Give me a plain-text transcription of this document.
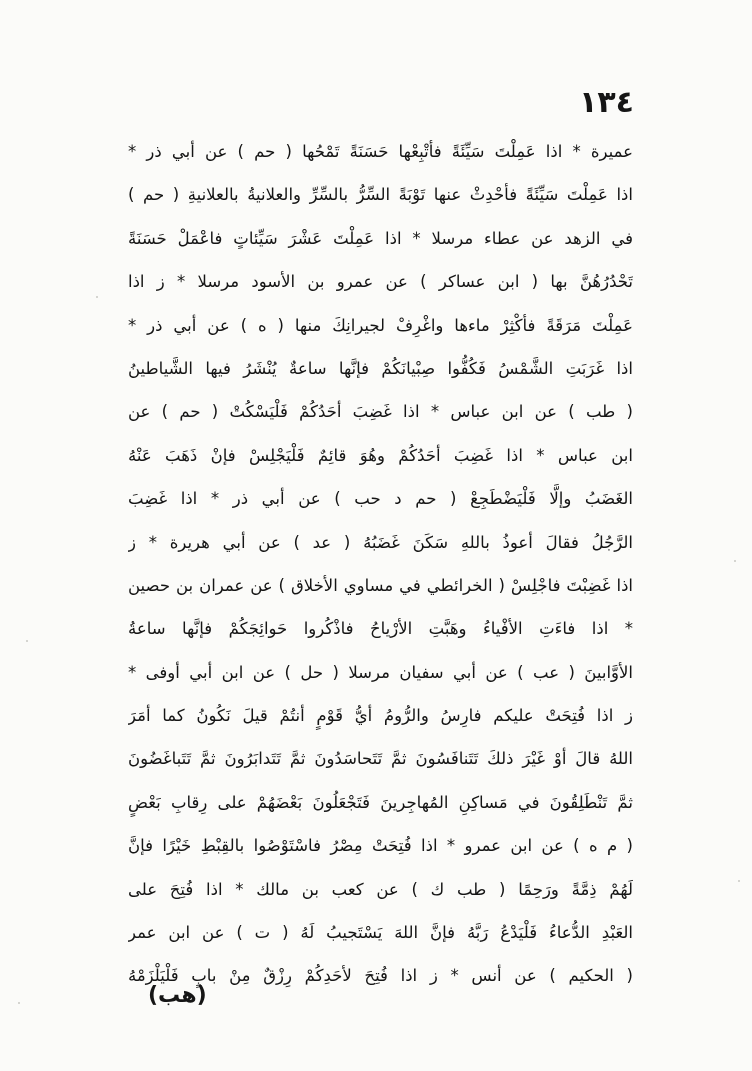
١٣٤
عميرة * اذا عَمِلْتَ سَيِّئَةً فأتْبِعْها حَسَنَةً تَمْحُها ( حم ) عن أبي ذر *
اذا عَمِلْتَ سَيِّئَةً فأحْدِثْ عنها تَوْبَةً السِّرُّ بالسِّرِّ والعلانيةُ بالعلانيةِ ( حم )
في الزهد عن عطاء مرسلا * اذا عَمِلْتَ عَشْرَ سَيِّئاتٍ فاعْمَلْ حَسَنَةً
تَحْدُرُهُنَّ بها ( ابن عساكر ) عن عمرو بن الأسود مرسلا * ز اذا
عَمِلْتَ مَرَقَةً فأكْثِرْ ماءها واغْرِفْ لجيرانِكَ منها ( ه ) عن أبي ذر *
اذا غَرَبَتِ الشَّمْسُ فَكُفُّوا صِبْيانَكُمْ فإنَّها ساعةٌ يُنْشَرُ فيها الشَّياطينُ
( طب ) عن ابن عباس * اذا غَضِبَ أحَدُكُمْ فَلْيَسْكُتْ ( حم ) عن
ابن عباس * اذا غَضِبَ أحَدُكُمْ وهُوَ قائِمٌ فَلْيَجْلِسْ فإنْ ذَهَبَ عَنْهُ
الغَضَبُ وإلَّا فَلْيَضْطَجِعْ ( حم د حب ) عن أبي ذر * اذا غَضِبَ
الرَّجُلُ فقالَ أعوذُ باللهِ سَكَنَ غَضَبُهُ ( عد ) عن أبي هريرة * ز
اذا غَضِبْتَ فاجْلِسْ ( الخرائطي في مساوي الأخلاق ) عن عمران بن حصين
* اذا فاءَتِ الأفْياءُ وهَبَّتِ الأرْياحُ فاذْكُروا حَوائِجَكُمْ فإنَّها ساعةُ
الأوَّابينَ ( عب ) عن أبي سفيان مرسلا ( حل ) عن ابن أبي أوفى *
ز اذا فُتِحَتْ عليكم فارِسُ والرُّومُ أيُّ قَوْمٍ أنتُمْ قيلَ نَكُونُ كما أمَرَ
اللهُ قالَ أوْ غَيْرَ ذلكَ تَتَنافَسُونَ ثمَّ تَتَحاسَدُونَ ثمَّ تَتَدابَرُونَ ثمَّ تَتَباغَضُونَ
ثمَّ تَنْطَلِقُونَ في مَساكِنِ المُهاجِرينَ فَتَجْعَلُونَ بَعْضَهُمْ على رِقابِ بَعْضٍ
( م ه ) عن ابن عمرو * اذا فُتِحَتْ مِصْرُ فاسْتَوْصُوا بالقِبْطِ خَيْرًا فإنَّ
لَهُمْ ذِمَّةً ورَحِمًا ( طب ك ) عن كعب بن مالك * اذا فُتِحَ على
العَبْدِ الدُّعاءُ فَلْيَدْعُ رَبَّهُ فإنَّ اللهَ يَسْتَجيبُ لَهُ ( ت ) عن ابن عمر
( الحكيم ) عن أنس * ز اذا فُتِحَ لأحَدِكُمْ رِزْقٌ مِنْ بابٍ فَلْيَلْزَمْهُ
(هب)
